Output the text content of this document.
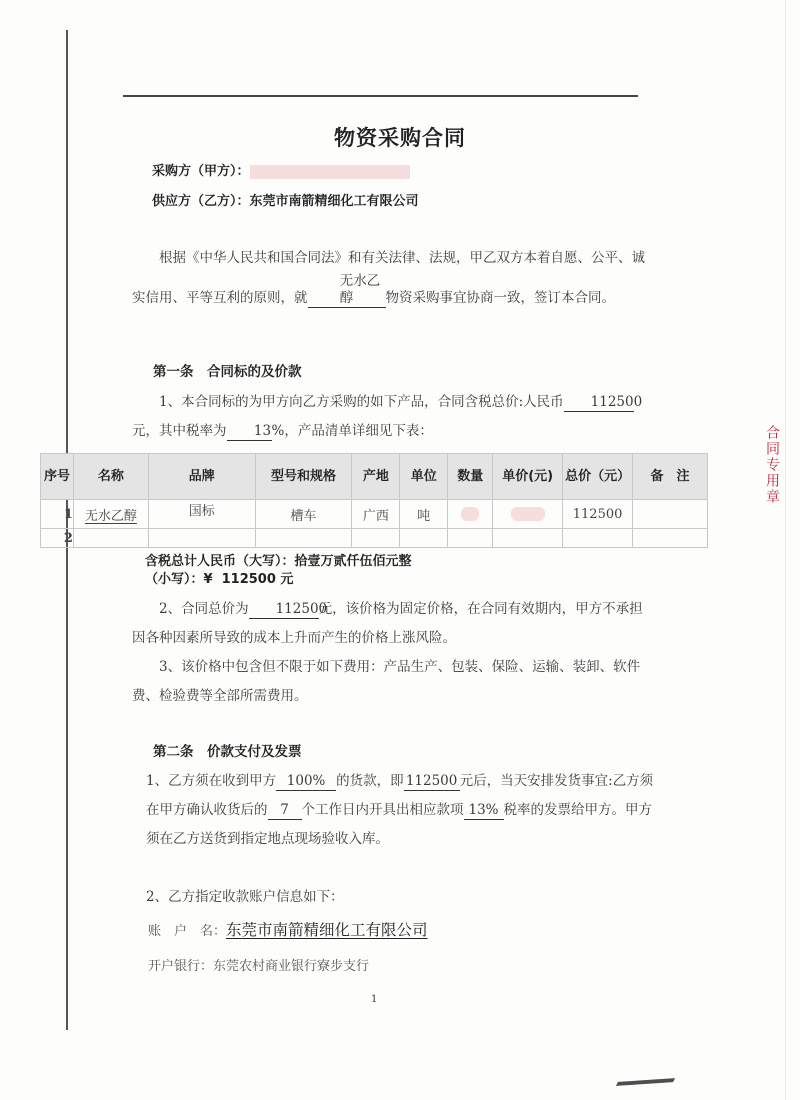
物资采购合同
采购方（甲方）：
供应方（乙方）：东莞市南箭精细化工有限公司
根据《中华人民共和国合同法》和有关法律、法规，甲乙双方本着自愿、公平、诚实信用、平等互利的原则，就无水乙醇 物资采购事宜协商一致，签订本合同。
第一条　合同标的及价款
1、本合同标的为甲方向乙方采购的如下产品，合同含税总价:人民币 112500元，其中税率为 13%，产品清单详细见下表：
序号	名称	品牌	型号和规格	产地	单位	数量	单价(元)	总价（元）	备　注
1	无水乙醇	国标	槽车	广西	吨			112500	
2									
含税总计人民币（大写）：拾壹万贰仟伍佰元整
（小写）：¥ 112500 元
2、合同总价为 112500元，该价格为固定价格，在合同有效期内，甲方不承担因各种因素所导致的成本上升而产生的价格上涨风险。
3、该价格中包含但不限于如下费用：产品生产、包装、保险、运输、装卸、软件费、检验费等全部所需费用。
第二条　价款支付及发票
1、乙方须在收到甲方 100% 的货款，即 112500 元后，当天安排发货事宜:乙方须在甲方确认收货后的 7 个工作日内开具出相应款项 13% 税率的发票给甲方。甲方须在乙方送货到指定地点现场验收入库。
2、乙方指定收款账户信息如下：
账　户　名：东莞市南箭精细化工有限公司
开户银行：东莞农村商业银行寮步支行
1
合同专用章
